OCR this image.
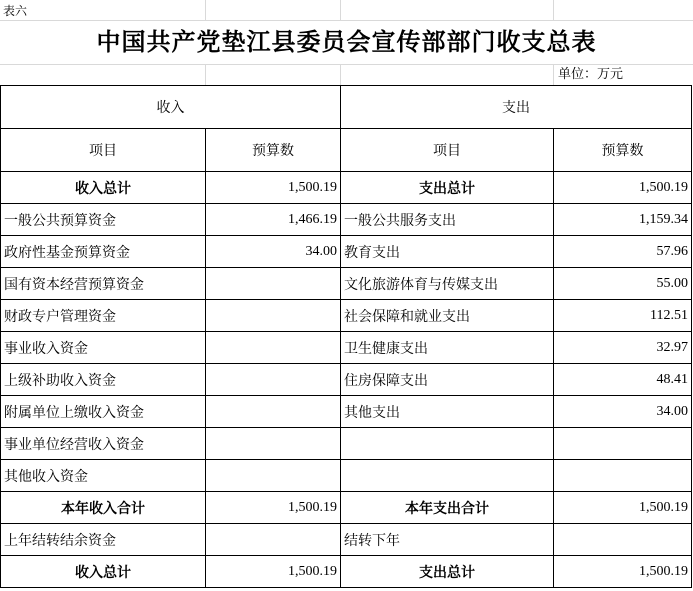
表六
中国共产党垫江县委员会宣传部部门收支总表
单位：万元
收入		支出	
项目	预算数	项目	预算数
收入总计	1,500.19	支出总计	1,500.19
一般公共预算资金	1,466.19	一般公共服务支出	1,159.34
政府性基金预算资金	34.00	教育支出	57.96
国有资本经营预算资金		文化旅游体育与传媒支出	55.00
财政专户管理资金		社会保障和就业支出	112.51
事业收入资金		卫生健康支出	32.97
上级补助收入资金		住房保障支出	48.41
附属单位上缴收入资金		其他支出	34.00
事业单位经营收入资金			
其他收入资金			
本年收入合计	1,500.19	本年支出合计	1,500.19
上年结转结余资金		结转下年	
收入总计	1,500.19	支出总计	1,500.19
